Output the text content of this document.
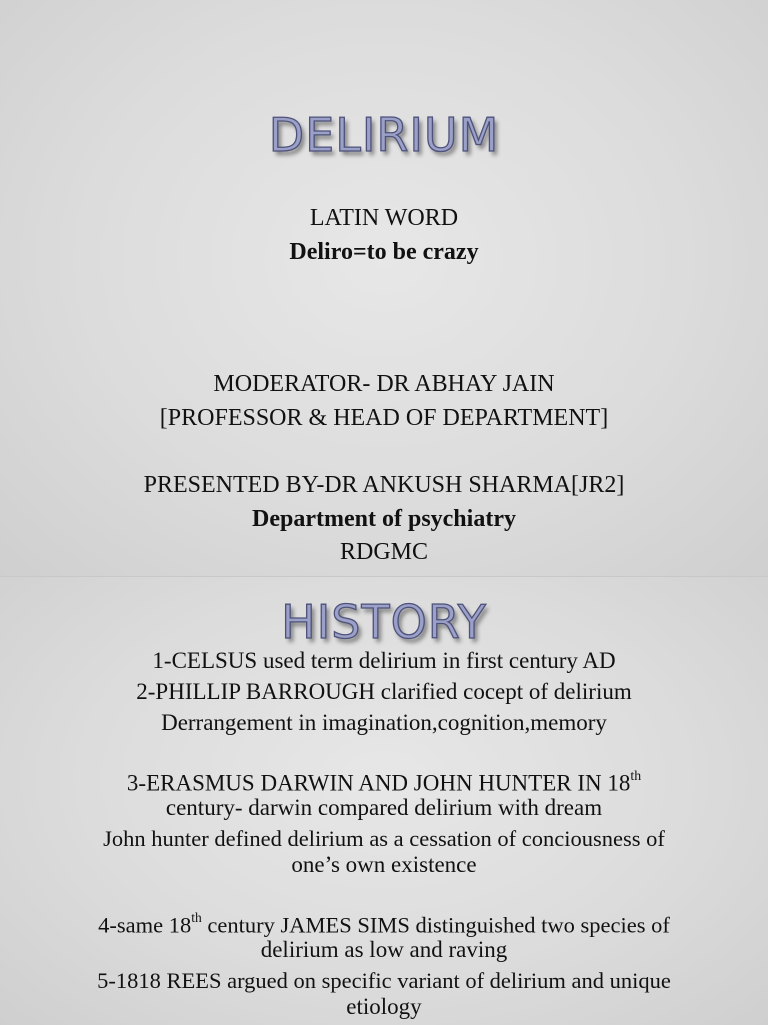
DELIRIUM
LATIN WORD
Deliro=to be crazy
MODERATOR- DR ABHAY JAIN
[PROFESSOR & HEAD OF DEPARTMENT]
PRESENTED BY-DR ANKUSH SHARMA[JR2]
Department of psychiatry
RDGMC
HISTORY
1-CELSUS used term delirium in first century AD
2-PHILLIP BARROUGH clarified cocept of delirium
Derrangement in imagination,cognition,memory
3-ERASMUS DARWIN AND JOHN HUNTER IN 18th
century- darwin compared delirium with dream
John hunter defined delirium as a cessation of conciousness of
one’s own existence
4-same 18th century JAMES SIMS distinguished two species of
delirium as low and raving
5-1818 REES argued on specific variant of delirium and unique
etiology
